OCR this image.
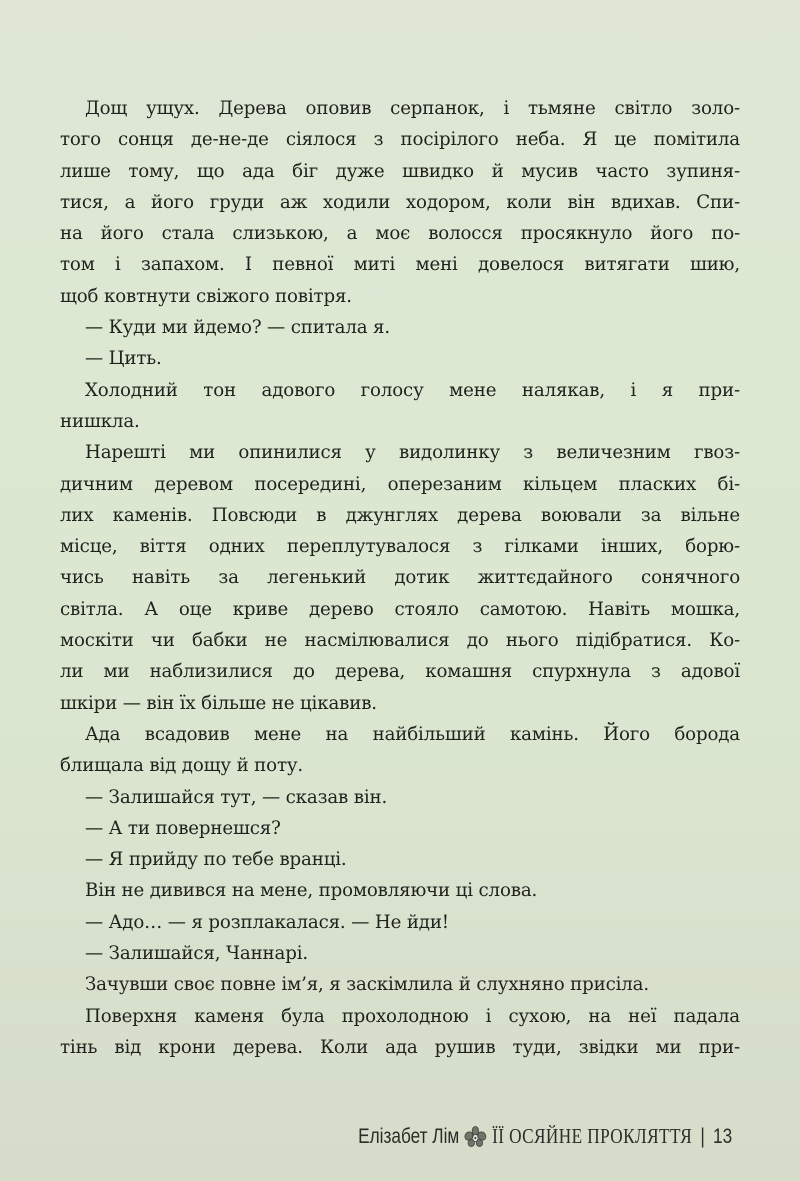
Дощ ущух. Дерева оповив серпанок, і тьмяне світло золо-
того сонця де-не-де сіялося з посірілого неба. Я це помітила
лише тому, що ада біг дуже швидко й мусив часто зупиня-
тися, а його груди аж ходили ходором, коли він вдихав. Спи-
на його стала слизькою, а моє волосся просякнуло його по-
том і запахом. І певної миті мені довелося витягати шию,
щоб ковтнути свіжого повітря.
— Куди ми йдемо? — спитала я.
— Цить.
Холодний тон адового голосу мене налякав, і я при-
нишкла.
Нарешті ми опинилися у видолинку з величезним гвоз-
дичним деревом посередині, оперезаним кільцем пласких бі-
лих каменів. Повсюди в джунглях дерева воювали за вільне
місце, віття одних переплутувалося з гілками інших, борю-
чись навіть за легенький дотик життєдайного сонячного
світла. А оце криве дерево стояло самотою. Навіть мошка,
москіти чи бабки не насмілювалися до нього підібратися. Ко-
ли ми наблизилися до дерева, комашня спурхнула з адової
шкіри — він їх більше не цікавив.
Ада всадовив мене на найбільший камінь. Його борода
блищала від дощу й поту.
— Залишайся тут, — сказав він.
— А ти повернешся?
— Я прийду по тебе вранці.
Він не дивився на мене, промовляючи ці слова.
— Адо… — я розплакалася. — Не йди!
— Залишайся, Чаннарі.
Зачувши своє повне ім’я, я заскімлила й слухняно присіла.
Поверхня каменя була прохолодною і сухою, на неї падала
тінь від крони дерева. Коли ада рушив туди, звідки ми при-
Елізабет Лім ЇЇ ОСЯЙНЕ ПРОКЛЯТТЯ | 13
